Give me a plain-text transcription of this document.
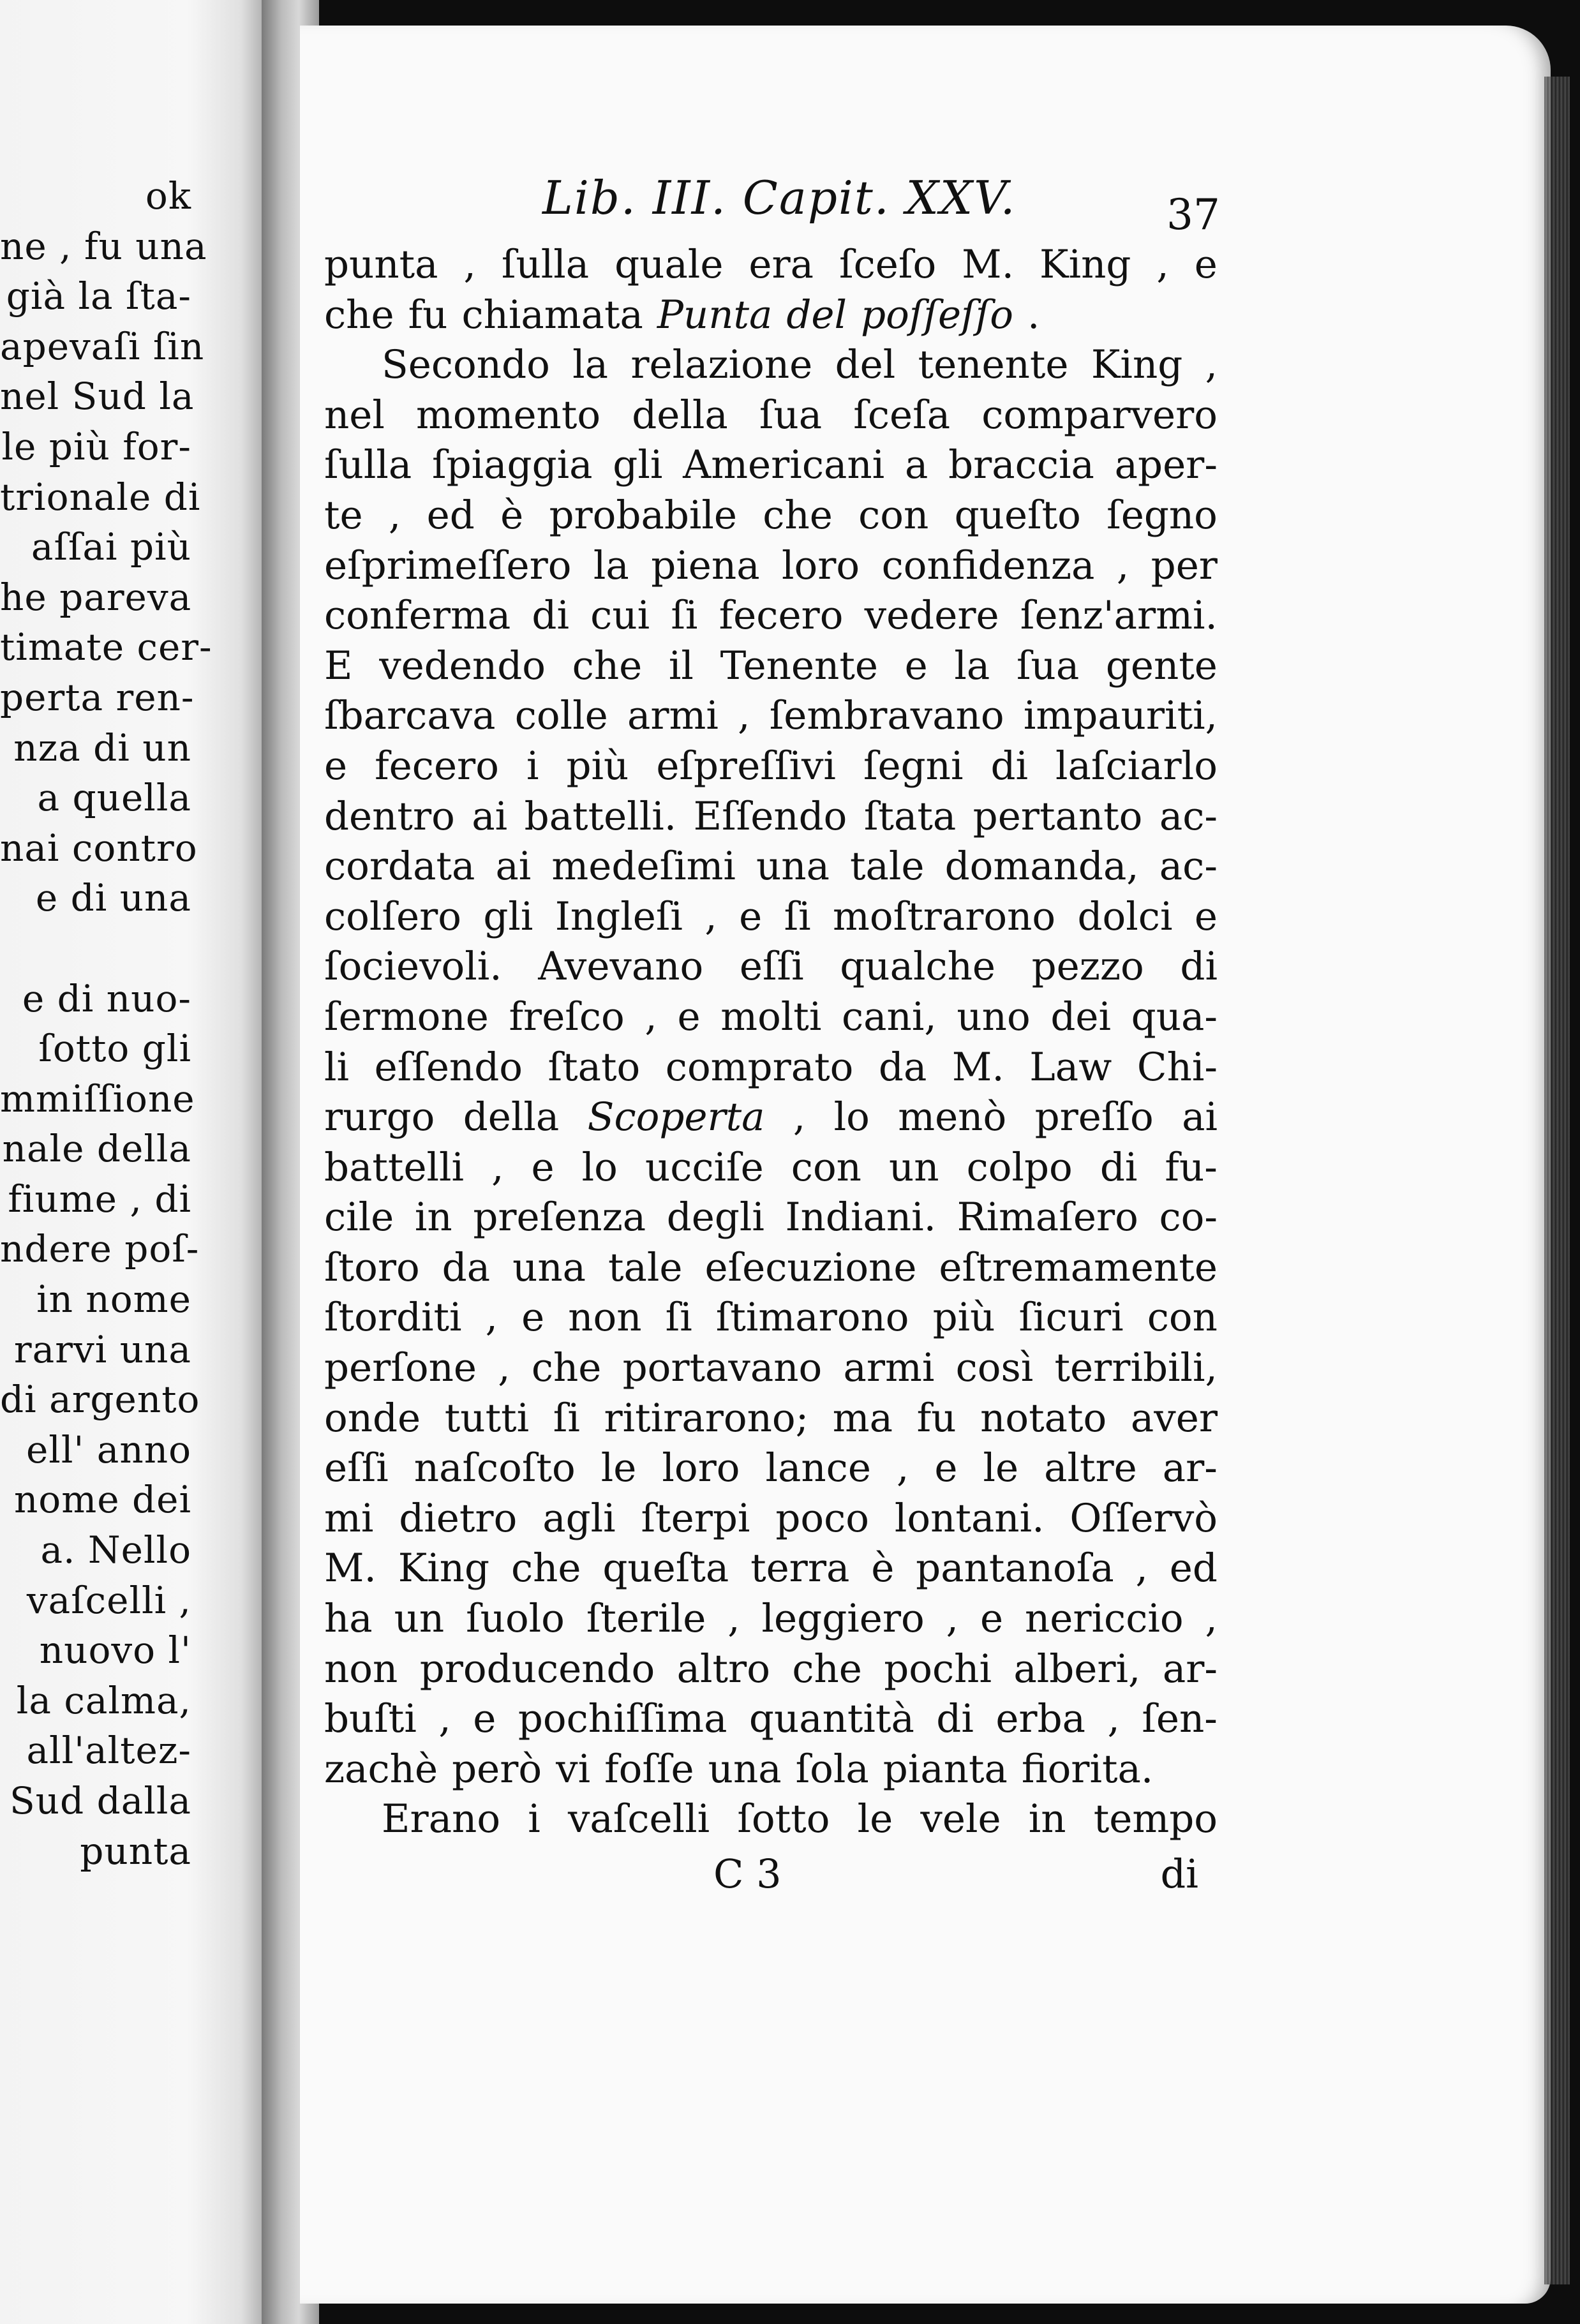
ok
ne , fu una
già la ſta-
apevaſi ſin
nel Sud la
le più for-
trionale di
aſſai più
he pareva
timate cer-
perta ren-
nza di un
a quella
nai contro
e di una
e di nuo-
ſotto gli
mmiſſione
nale della
fiume , di
ndere poſ-
in nome
rarvi una
di argento
ell' anno
nome dei
a. Nello
vaſcelli ,
nuovo l'
la calma,
all'altez-
Sud dalla
punta
Lib. III. Capit. XXV.	37
punta , ſulla quale era ſceſo M. King , e
che fu chiamata Punta del poſſeſſo .
Secondo la relazione del tenente King ,
nel momento della ſua ſceſa comparvero
ſulla ſpiaggia gli Americani a braccia aper-
te , ed è probabile che con queſto ſegno
eſprimeſſero la piena loro confidenza , per
conferma di cui ſi fecero vedere ſenz'armi.
E vedendo che il Tenente e la ſua gente
ſbarcava colle armi , ſembravano impauriti,
e fecero i più eſpreſſivi ſegni di laſciarlo
dentro ai battelli. Eſſendo ſtata pertanto ac-
cordata ai medeſimi una tale domanda, ac-
colſero gli Ingleſi , e ſi moſtrarono dolci e
ſocievoli. Avevano eſſi qualche pezzo di
ſermone freſco , e molti cani, uno dei qua-
li eſſendo ſtato comprato da M. Law Chi-
rurgo della Scoperta , lo menò preſſo ai
battelli , e lo ucciſe con un colpo di fu-
cile in preſenza degli Indiani. Rimaſero co-
ſtoro da una tale eſecuzione eſtremamente
ſtorditi , e non ſi ſtimarono più ſicuri con
perſone , che portavano armi così terribili,
onde tutti ſi ritirarono; ma fu notato aver
eſſi naſcoſto le loro lance , e le altre ar-
mi dietro agli ſterpi poco lontani. Oſſervò
M. King che queſta terra è pantanoſa , ed
ha un ſuolo ſterile , leggiero , e nericcio ,
non producendo altro che pochi alberi, ar-
buſti , e pochiſſima quantità di erba , ſen-
zachè però vi foſſe una ſola pianta fiorita.
Erano i vaſcelli ſotto le vele in tempo
C 3	di
